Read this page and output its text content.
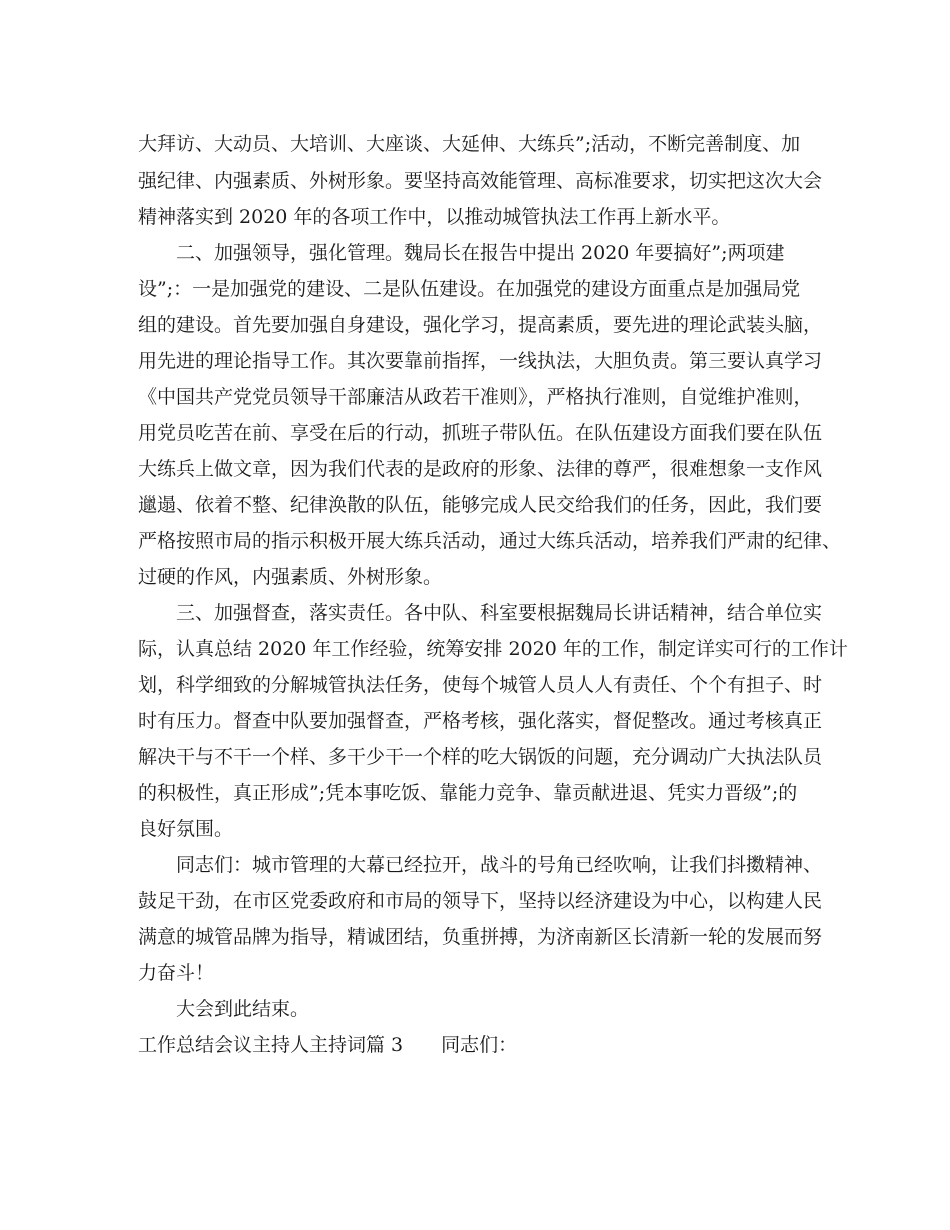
大拜访、大动员、大培训、大座谈、大延伸、大练兵”;活动，不断完善制度、加
强纪律、内强素质、外树形象。要坚持高效能管理、高标准要求，切实把这次大会
精神落实到 2020 年的各项工作中，以推动城管执法工作再上新水平。
二、加强领导，强化管理。魏局长在报告中提出 2020 年要搞好”;两项建
设”;：一是加强党的建设、二是队伍建设。在加强党的建设方面重点是加强局党
组的建设。首先要加强自身建设，强化学习，提高素质，要先进的理论武装头脑，
用先进的理论指导工作。其次要靠前指挥，一线执法，大胆负责。第三要认真学习
《中国共产党党员领导干部廉洁从政若干准则》，严格执行准则，自觉维护准则，
用党员吃苦在前、享受在后的行动，抓班子带队伍。在队伍建设方面我们要在队伍
大练兵上做文章，因为我们代表的是政府的形象、法律的尊严，很难想象一支作风
邋遢、依着不整、纪律涣散的队伍，能够完成人民交给我们的任务，因此，我们要
严格按照市局的指示积极开展大练兵活动，通过大练兵活动，培养我们严肃的纪律、
过硬的作风，内强素质、外树形象。
三、加强督查，落实责任。各中队、科室要根据魏局长讲话精神，结合单位实
际，认真总结 2020 年工作经验，统筹安排 2020 年的工作，制定详实可行的工作计
划，科学细致的分解城管执法任务，使每个城管人员人人有责任、个个有担子、时
时有压力。督查中队要加强督查，严格考核，强化落实，督促整改。通过考核真正
解决干与不干一个样、多干少干一个样的吃大锅饭的问题，充分调动广大执法队员
的积极性，真正形成”;凭本事吃饭、靠能力竞争、靠贡献进退、凭实力晋级”;的
良好氛围。
同志们：城市管理的大幕已经拉开，战斗的号角已经吹响，让我们抖擞精神、
鼓足干劲，在市区党委政府和市局的领导下，坚持以经济建设为中心，以构建人民
满意的城管品牌为指导，精诚团结，负重拼搏，为济南新区长清新一轮的发展而努
力奋斗！
大会到此结束。
工作总结会议主持人主持词篇 3　　同志们：
